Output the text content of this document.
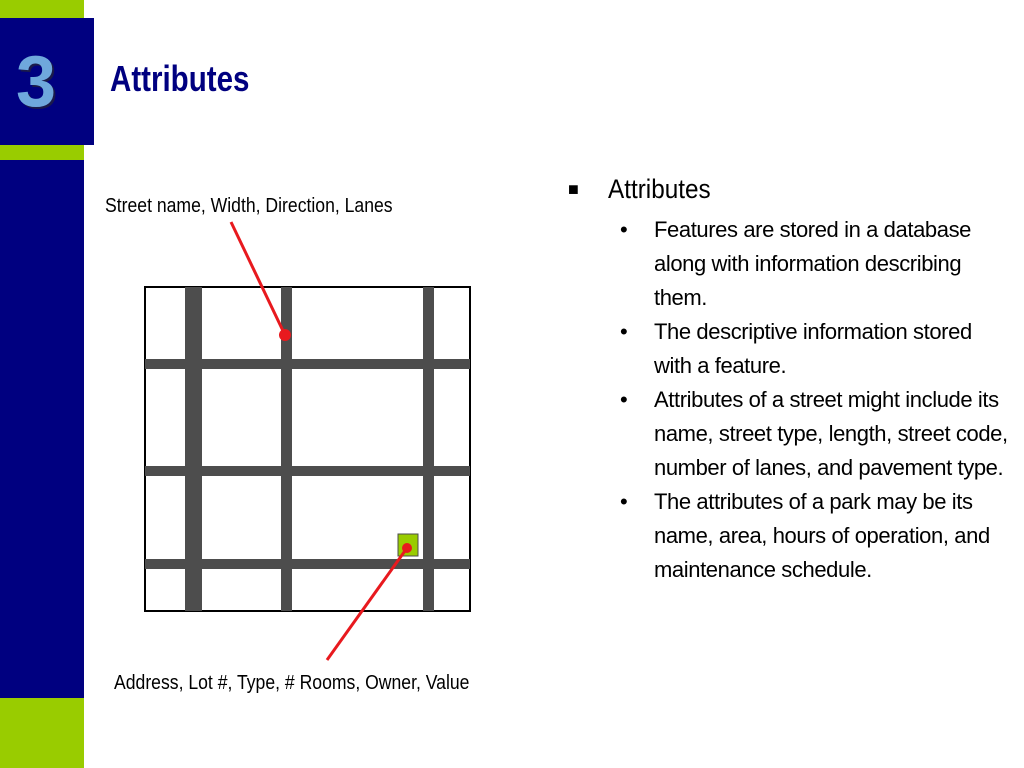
3	Attributes
Street name, Width, Direction, Lanes
Address, Lot #, Type, # Rooms, Owner, Value
■	Attributes
•	Features are stored in a database along with information describing them.
•	The descriptive information stored with a feature.
•	Attributes of a street might include its name, street type, length, street code, number of lanes, and pavement type.
•	The attributes of a park may be its name, area, hours of operation, and maintenance schedule.
